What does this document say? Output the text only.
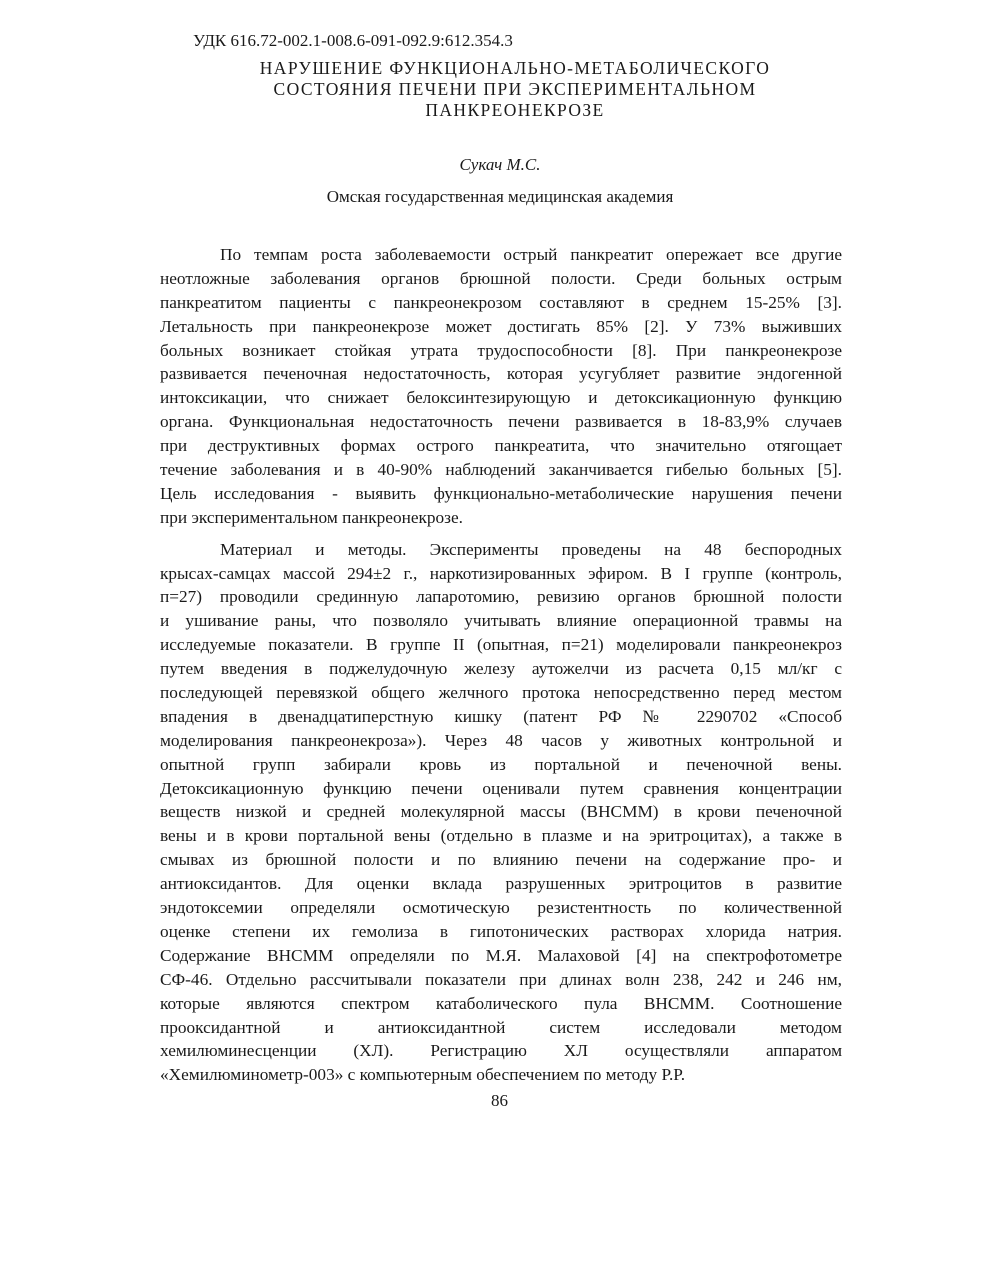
УДК 616.72-002.1-008.6-091-092.9:612.354.3
НАРУШЕНИЕ ФУНКЦИОНАЛЬНО-МЕТАБОЛИЧЕСКОГО
СОСТОЯНИЯ ПЕЧЕНИ ПРИ ЭКСПЕРИМЕНТАЛЬНОМ
ПАНКРЕОНЕКРОЗЕ
Сукач М.С.
Омская государственная медицинская академия
По темпам роста заболеваемости острый панкреатит опережает все другие
неотложные заболевания органов брюшной полости. Среди больных острым
панкреатитом пациенты с панкреонекрозом составляют в среднем 15-25% [3].
Летальность при панкреонекрозе может достигать 85% [2]. У 73% выживших
больных возникает стойкая утрата трудоспособности [8]. При панкреонекрозе
развивается печеночная недостаточность, которая усугубляет развитие эндогенной
интоксикации, что снижает белоксинтезирующую и детоксикационную функцию
органа. Функциональная недостаточность печени развивается в 18-83,9% случаев
при деструктивных формах острого панкреатита, что значительно отягощает
течение заболевания и в 40-90% наблюдений заканчивается гибелью больных [5].
Цель исследования - выявить функционально-метаболические нарушения печени
при экспериментальном панкреонекрозе.
Материал и методы. Эксперименты проведены на 48 беспородных
крысах-самцах массой 294±2 г., наркотизированных эфиром. В I группе (контроль,
п=27) проводили срединную лапаротомию, ревизию органов брюшной полости
и ушивание раны, что позволяло учитывать влияние операционной травмы на
исследуемые показатели. В группе II (опытная, п=21) моделировали панкреонекроз
путем введения в поджелудочную железу аутожелчи из расчета 0,15 мл/кг с
последующей перевязкой общего желчного протока непосредственно перед местом
впадения в двенадцатиперстную кишку (патент РФ № 2290702 «Способ
моделирования панкреонекроза»). Через 48 часов у животных контрольной и
опытной групп забирали кровь из портальной и печеночной вены.
Детоксикационную функцию печени оценивали путем сравнения концентрации
веществ низкой и средней молекулярной массы (ВНСММ) в крови печеночной
вены и в крови портальной вены (отдельно в плазме и на эритроцитах), а также в
смывах из брюшной полости и по влиянию печени на содержание про- и
антиоксидантов. Для оценки вклада разрушенных эритроцитов в развитие
эндотоксемии определяли осмотическую резистентность по количественной
оценке степени их гемолиза в гипотонических растворах хлорида натрия.
Содержание ВНСММ определяли по М.Я. Малаховой [4] на спектрофотометре
СФ-46. Отдельно рассчитывали показатели при длинах волн 238, 242 и 246 нм,
которые являются спектром катаболического пула ВНСММ. Соотношение
прооксидантной и антиоксидантной систем исследовали методом
хемилюминесценции (ХЛ). Регистрацию ХЛ осуществляли аппаратом
«Хемилюминометр-003» с компьютерным обеспечением по методу Р.Р.
86
